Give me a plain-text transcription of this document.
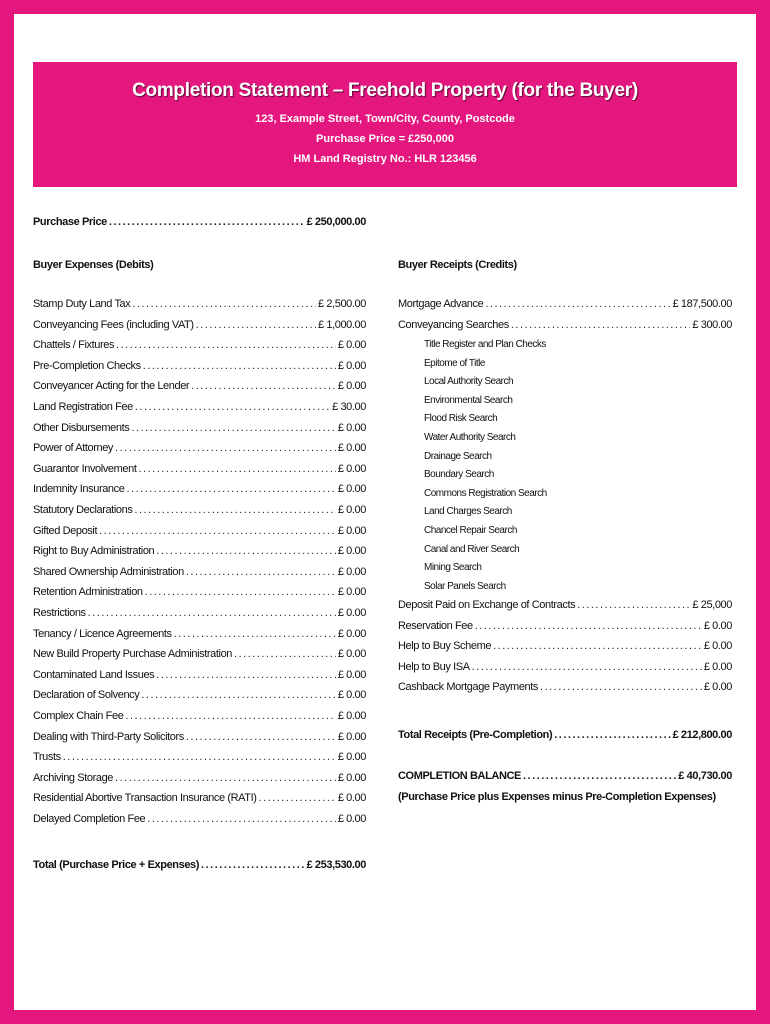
Completion Statement – Freehold Property (for the Buyer)
123, Example Street, Town/City, County, Postcode
Purchase Price = £250,000
HM Land Registry No.: HLR 123456
Purchase Price .....	£ 250,000.00
Buyer Expenses (Debits)	Buyer Receipts (Credits)
Stamp Duty Land Tax .....	£ 2,500.00
Conveyancing Fees (including VAT) .....	£ 1,000.00
Chattels / Fixtures .....	£ 0.00
Pre-Completion Checks .....	£ 0.00
Conveyancer Acting for the Lender .....	£ 0.00
Land Registration Fee .....	£ 30.00
Other Disbursements .....	£ 0.00
Power of Attorney .....	£ 0.00
Guarantor Involvement .....	£ 0.00
Indemnity Insurance .....	£ 0.00
Statutory Declarations .....	£ 0.00
Gifted Deposit .....	£ 0.00
Right to Buy Administration .....	£ 0.00
Shared Ownership Administration .....	£ 0.00
Retention Administration .....	£ 0.00
Restrictions .....	£ 0.00
Tenancy / Licence Agreements .....	£ 0.00
New Build Property Purchase Administration .....	£ 0.00
Contaminated Land Issues .....	£ 0.00
Declaration of Solvency .....	£ 0.00
Complex Chain Fee .....	£ 0.00
Dealing with Third-Party Solicitors .....	£ 0.00
Trusts .....	£ 0.00
Archiving Storage .....	£ 0.00
Residential Abortive Transaction Insurance (RATI) .....	£ 0.00
Delayed Completion Fee .....	£ 0.00
Total (Purchase Price + Expenses) .....	£ 253,530.00
Mortgage Advance .....	£ 187,500.00
Conveyancing Searches .....	£ 300.00
Title Register and Plan Checks
Epitome of Title
Local Authority Search
Environmental Search
Flood Risk Search
Water Authority Search
Drainage Search
Boundary Search
Commons Registration Search
Land Charges Search
Chancel Repair Search
Canal and River Search
Mining Search
Solar Panels Search
Deposit Paid on Exchange of Contracts .....	£ 25,000
Reservation Fee .....	£ 0.00
Help to Buy Scheme .....	£ 0.00
Help to Buy ISA .....	£ 0.00
Cashback Mortgage Payments .....	£ 0.00
Total Receipts (Pre-Completion) .....	£ 212,800.00
COMPLETION BALANCE .....	£ 40,730.00
(Purchase Price plus Expenses minus Pre-Completion Expenses)
